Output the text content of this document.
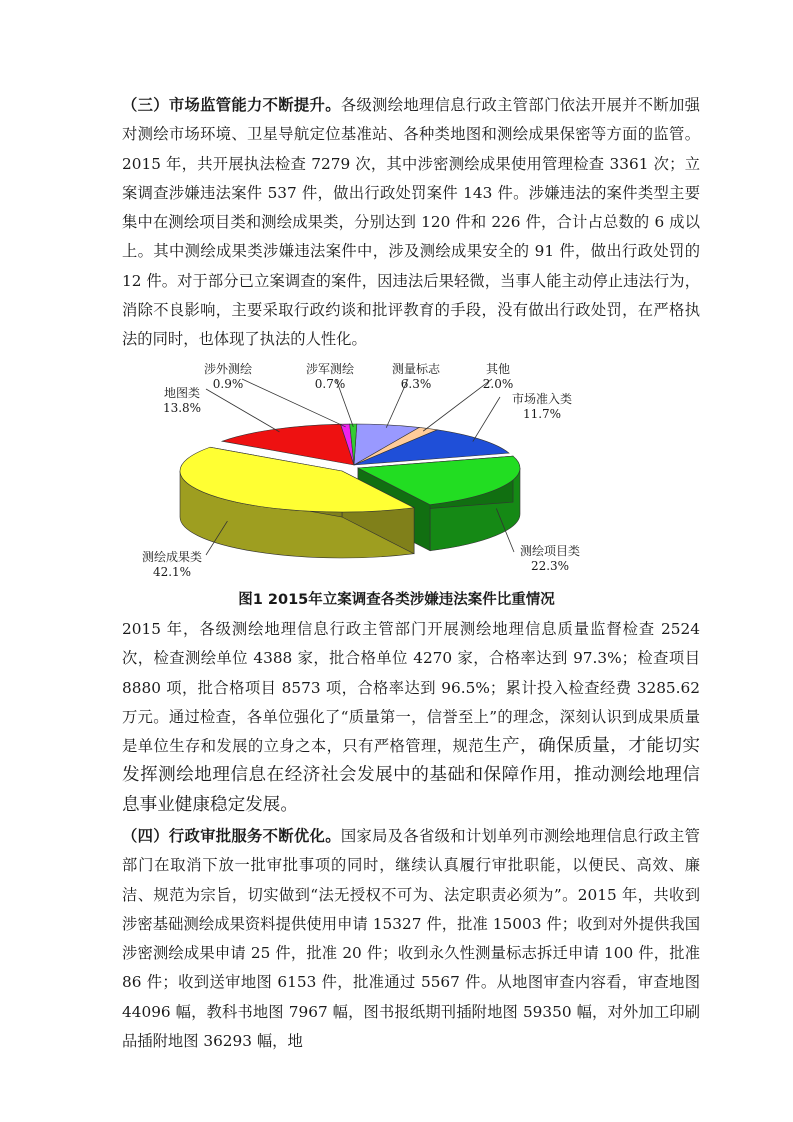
（三）市场监管能力不断提升。各级测绘地理信息行政主管部门依法开展并不断加强对测绘市场环境、卫星导航定位基准站、各种类地图和测绘成果保密等方面的监管。2015 年，共开展执法检查 7279 次，其中涉密测绘成果使用管理检查 3361 次；立案调查涉嫌违法案件 537 件，做出行政处罚案件 143 件。涉嫌违法的案件类型主要集中在测绘项目类和测绘成果类，分别达到 120 件和 226 件，合计占总数的 6 成以上。其中测绘成果类涉嫌违法案件中，涉及测绘成果安全的 91 件，做出行政处罚的 12 件。对于部分已立案调查的案件，因违法后果轻微，当事人能主动停止违法行为，消除不良影响，主要采取行政约谈和批评教育的手段，没有做出行政处罚，在严格执法的同时，也体现了执法的人性化。

测量标志
6.3%
其他
2.0%
市场准入类
11.7%
测绘项目类
22.3%
测绘成果类
42.1%
地图类
13.8%
涉外测绘
0.9%
涉军测绘
0.7%
图1 2015年立案调查各类涉嫌违法案件比重情况

2015 年，各级测绘地理信息行政主管部门开展测绘地理信息质量监督检查 2524 次，检查测绘单位 4388 家，批合格单位 4270 家，合格率达到 97.3%；检查项目 8880 项，批合格项目 8573 项，合格率达到 96.5%；累计投入检查经费 3285.62 万元。通过检查，各单位强化了“质量第一，信誉至上”的理念，深刻认识到成果质量是单位生存和发展的立身之本，只有严格管理，规范生产，确保质量，才能切实发挥测绘地理信息在经济社会发展中的基础和保障作用，推动测绘地理信息事业健康稳定发展。

（四）行政审批服务不断优化。国家局及各省级和计划单列市测绘地理信息行政主管部门在取消下放一批审批事项的同时，继续认真履行审批职能，以便民、高效、廉洁、规范为宗旨，切实做到“法无授权不可为、法定职责必须为”。2015 年，共收到涉密基础测绘成果资料提供使用申请 15327 件，批准 15003 件；收到对外提供我国涉密测绘成果申请 25 件，批准 20 件；收到永久性测量标志拆迁申请 100 件，批准 86 件；收到送审地图 6153 件，批准通过 5567 件。从地图审查内容看，审查地图 44096 幅，教科书地图 7967 幅，图书报纸期刊插附地图 59350 幅，对外加工印刷品插附地图 36293 幅，地
